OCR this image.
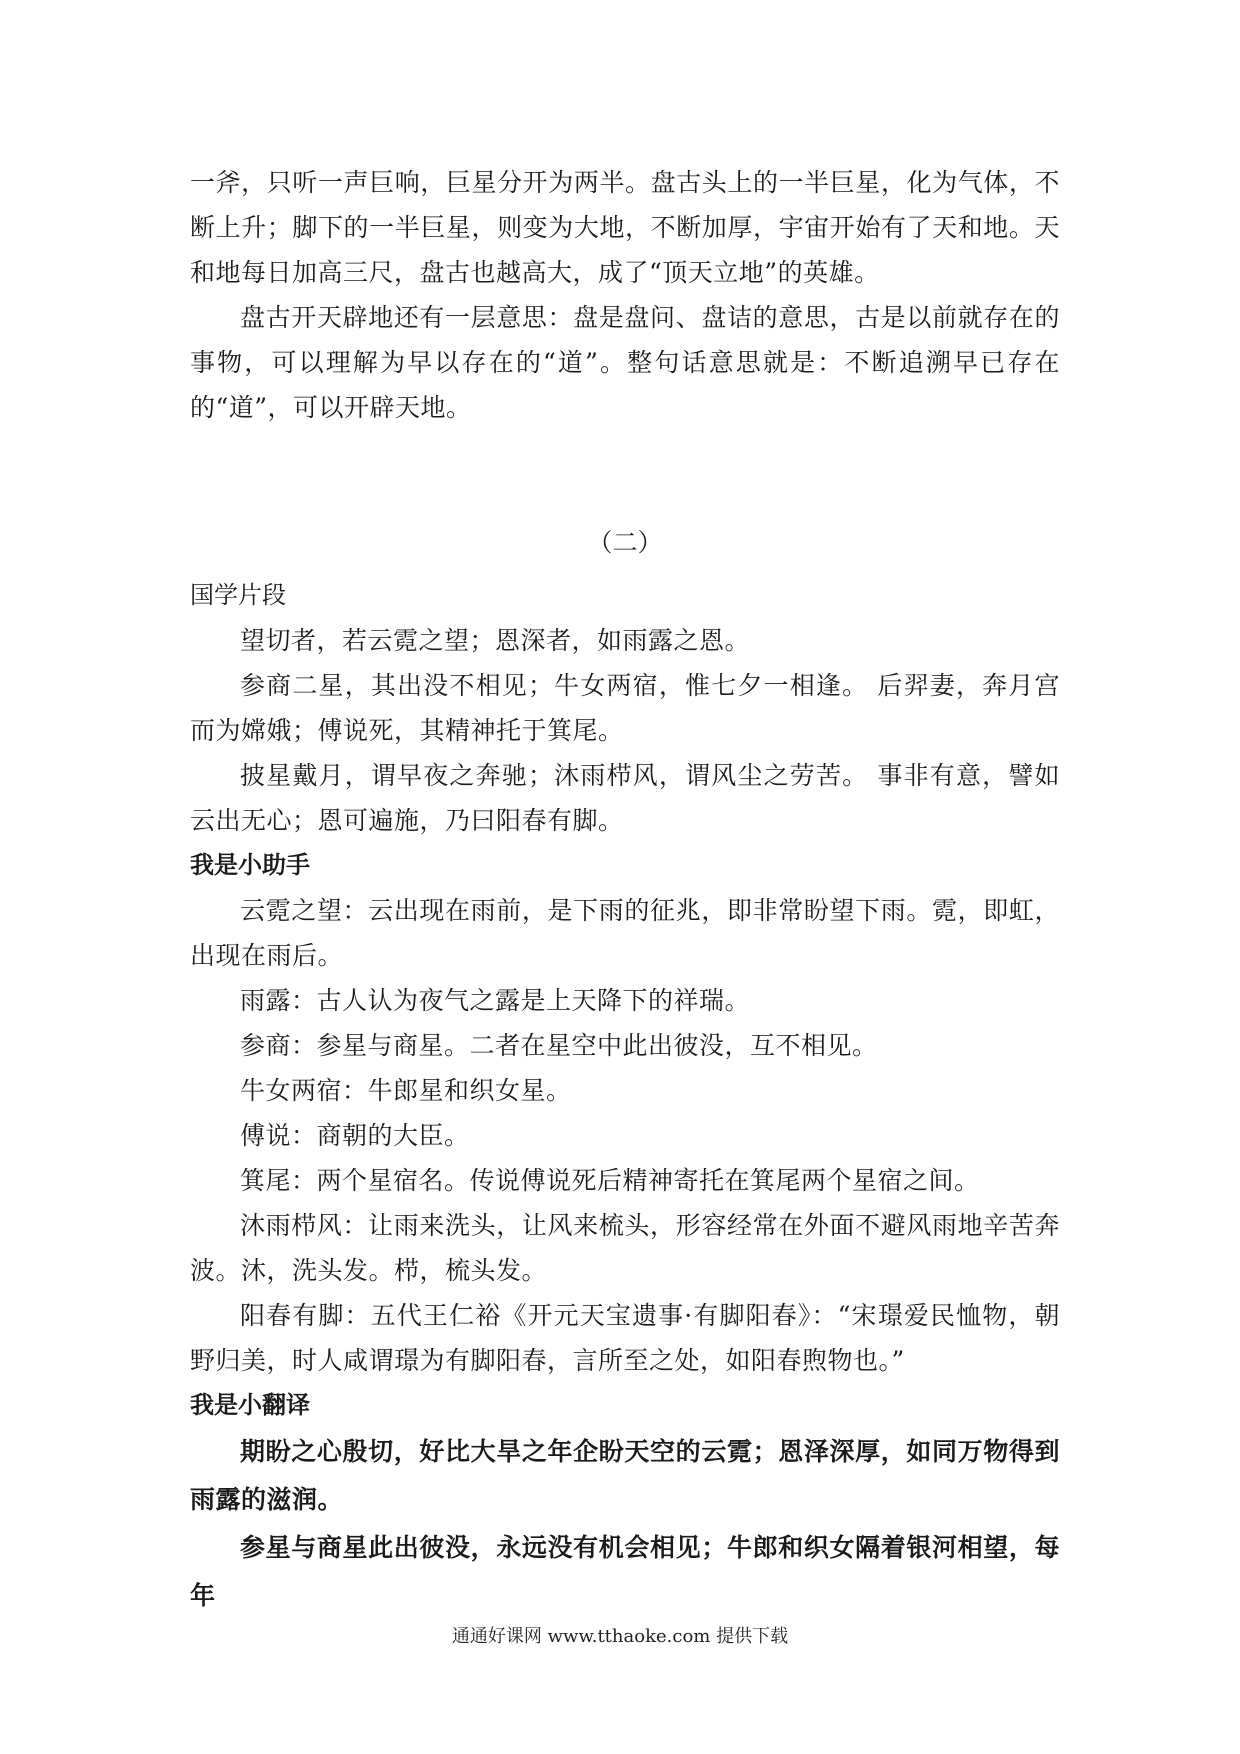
一斧，只听一声巨响，巨星分开为两半。盘古头上的一半巨星，化为气体，不断上升；脚下的一半巨星，则变为大地，不断加厚，宇宙开始有了天和地。天和地每日加高三尺，盘古也越高大，成了“顶天立地”的英雄。

盘古开天辟地还有一层意思：盘是盘问、盘诘的意思，古是以前就存在的事物，可以理解为早以存在的“道”。整句话意思就是：不断追溯早已存在的“道”，可以开辟天地。

（二）
国学片段

望切者，若云霓之望；恩深者，如雨露之恩。

参商二星，其出没不相见；牛女两宿，惟七夕一相逢。 后羿妻，奔月宫而为嫦娥；傅说死，其精神托于箕尾。

披星戴月，谓早夜之奔驰；沐雨栉风，谓风尘之劳苦。 事非有意，譬如云出无心；恩可遍施，乃曰阳春有脚。

我是小助手

云霓之望：云出现在雨前，是下雨的征兆，即非常盼望下雨。霓，即虹，出现在雨后。

雨露：古人认为夜气之露是上天降下的祥瑞。

参商：参星与商星。二者在星空中此出彼没，互不相见。

牛女两宿：牛郎星和织女星。

傅说：商朝的大臣。

箕尾：两个星宿名。传说傅说死后精神寄托在箕尾两个星宿之间。

沐雨栉风：让雨来洗头，让风来梳头，形容经常在外面不避风雨地辛苦奔波。沐，洗头发。栉，梳头发。

阳春有脚：五代王仁裕《开元天宝遗事·有脚阳春》：“宋璟爱民恤物，朝野归美，时人咸谓璟为有脚阳春，言所至之处，如阳春煦物也。”

我是小翻译

期盼之心殷切，好比大旱之年企盼天空的云霓；恩泽深厚，如同万物得到雨露的滋润。

参星与商星此出彼没，永远没有机会相见；牛郎和织女隔着银河相望，每年

通通好课网 www.tthaoke.com 提供下载
